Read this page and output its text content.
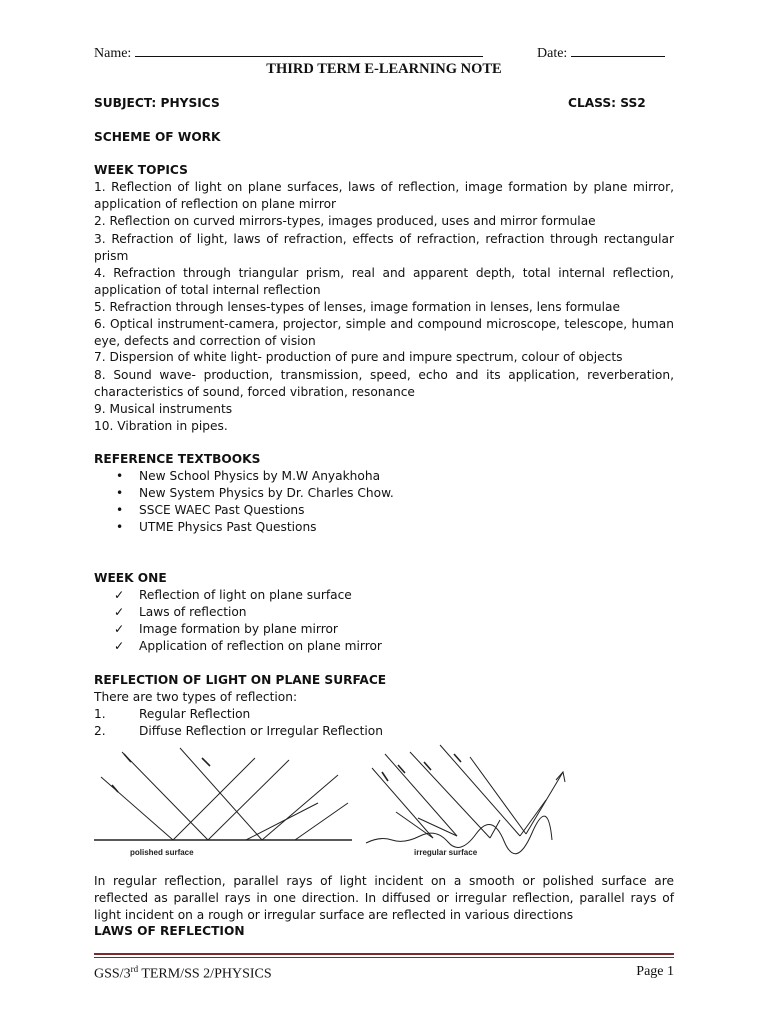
Name:	Date:
THIRD TERM E-LEARNING NOTE
SUBJECT: PHYSICS	CLASS: SS2
SCHEME OF WORK
WEEK TOPICS
1. Reflection of light on plane surfaces, laws of reflection, image formation by plane mirror,
application of reflection on plane mirror
2. Reflection on curved mirrors-types, images produced, uses and mirror formulae
3. Refraction of light, laws of refraction, effects of refraction, refraction through rectangular
prism
4. Refraction through triangular prism, real and apparent depth, total internal reflection,
application of total internal reflection
5. Refraction through lenses-types of lenses, image formation in lenses, lens formulae
6. Optical instrument-camera, projector, simple and compound microscope, telescope, human
eye, defects and correction of vision
7. Dispersion of white light- production of pure and impure spectrum, colour of objects
8. Sound wave- production, transmission, speed, echo and its application, reverberation,
characteristics of sound, forced vibration, resonance
9. Musical instruments
10. Vibration in pipes.
REFERENCE TEXTBOOKS
• New School Physics by M.W Anyakhoha
• New System Physics by Dr. Charles Chow.
• SSCE WAEC Past Questions
• UTME Physics Past Questions
WEEK ONE
✓ Reflection of light on plane surface
✓ Laws of reflection
✓ Image formation by plane mirror
✓ Application of reflection on plane mirror
REFLECTION OF LIGHT ON PLANE SURFACE
There are two types of reflection:
1.	Regular Reflection
2.	Diffuse Reflection or Irregular Reflection
polished surface	irregular surface
In regular reflection, parallel rays of light incident on a smooth or polished surface are
reflected as parallel rays in one direction. In diffused or irregular reflection, parallel rays of
light incident on a rough or irregular surface are reflected in various directions
LAWS OF REFLECTION
GSS/3rd TERM/SS 2/PHYSICS	Page 1
